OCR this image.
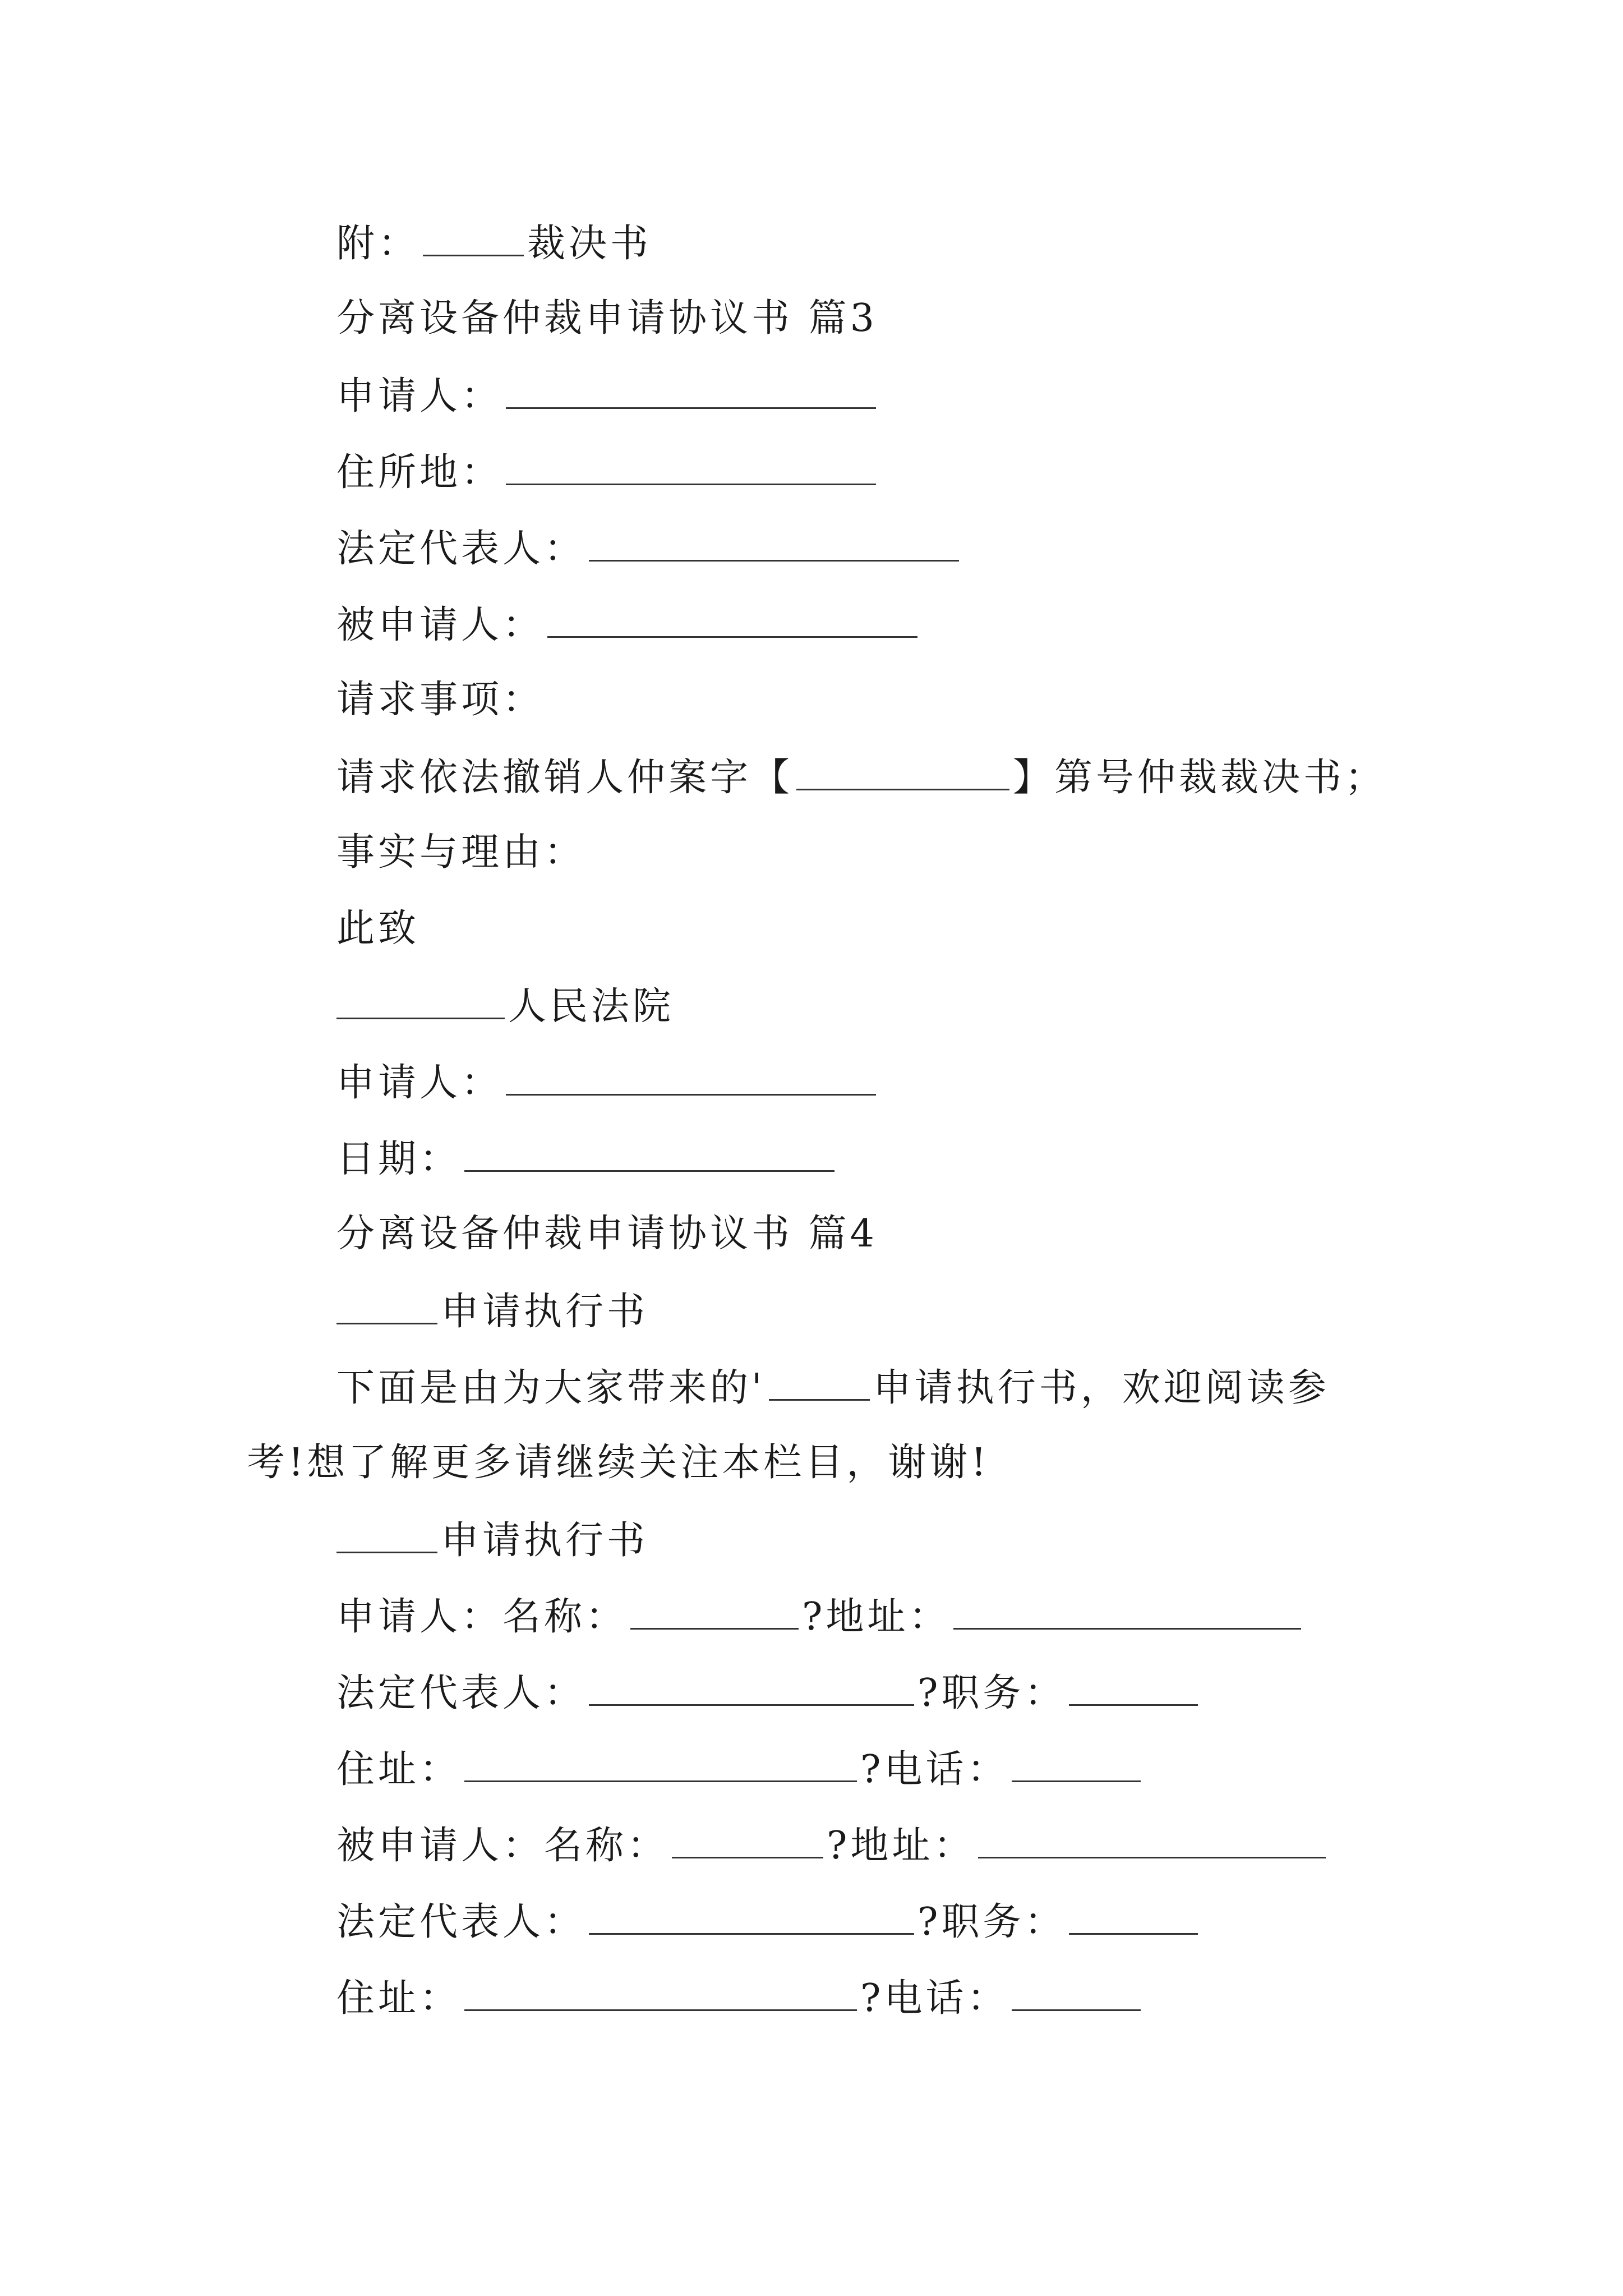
附：	裁决书
分离设备仲裁申请协议书 篇3
申请人：
住所地：
法定代表人：
被申请人：
请求事项：
请求依法撤销人仲案字【	】第号仲裁裁决书；
事实与理由：
此致
人民法院
申请人：
日期：
分离设备仲裁申请协议书 篇4
申请执行书
下面是由为大家带来的'	申请执行书，欢迎阅读参
考!想了解更多请继续关注本栏目，谢谢!
申请执行书
申请人：名称：	?地址：
法定代表人：	?职务：
住址：	?电话：
被申请人：名称：	?地址：
法定代表人：	?职务：
住址：	?电话：
